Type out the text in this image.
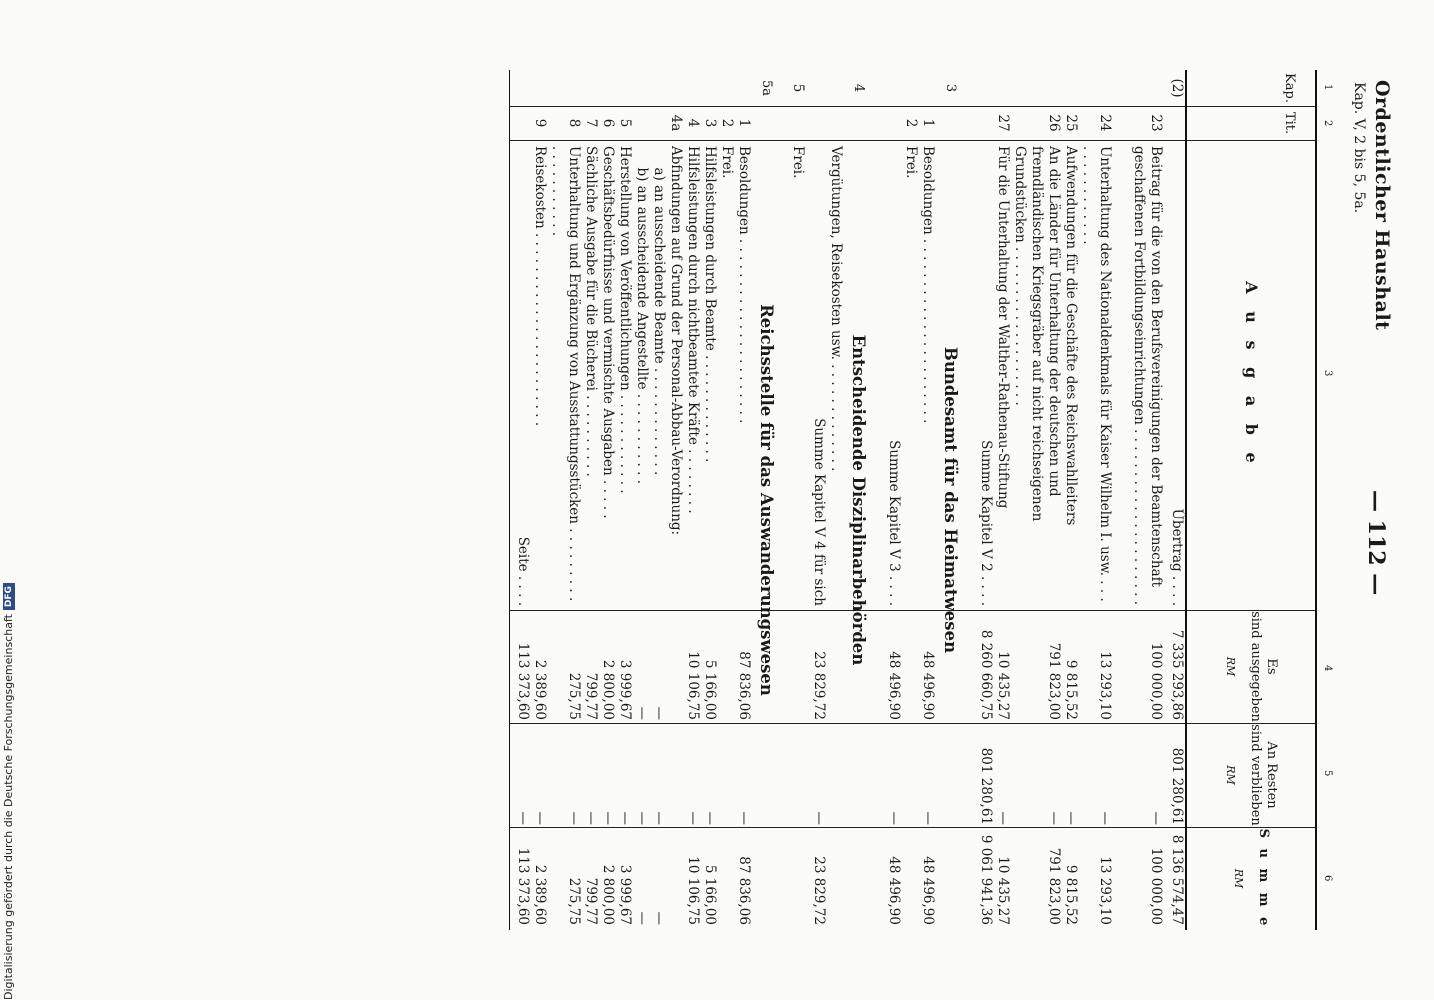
Ordentlicher Haushalt
Kap. V, 2 bis 5, 5a.
— 112 —
1
2
3
4
5
6
Kap.
Tit.
A u s g a b e
Es
sind ausgegeben
RM
An Resten
sind verblieben
RM
S u m m e
RM
(2)
Übertrag . . . .
7 335 293,86
801 280,61
8 136 574,47
23
Beitrag für die von den Berufsvereinigungen der Beamtenschaft geschaffenen Fortbildungseinrichtungen . . . . . . . . . . . . . . . . . . . . .
100 000,00
—
100 000,00
24
Unterhaltung des Nationaldenkmals für Kaiser Wilhelm I. usw. . . . . . . . . . . . . . . .
13 293,10
—
13 293,10
25
Aufwendungen für die Geschäfte des Reichswahlleiters
9 815,52
—
9 815,52
26
An die Länder für Unterhaltung der deutschen und fremdländischen Kriegsgräber auf nicht reichseigenen Grundstücken . . . . . . . . . . . . . . . . . . .
791 823,00
—
791 823,00
27
Für die Unterhaltung der Walther-Rathenau-Stiftung
10 435,27
—
10 435,27
Summe Kapitel V 2 . . . .
8 260 660,75
801 280,61
9 061 941,36
3
Bundesamt für das Heimatwesen
1
Besoldungen . . . . . . . . . . . . . . . . . . . . . .
48 496,90
—
48 496,90
2
Frei.
Summe Kapitel V 3 . . . .
48 496,90
—
48 496,90
4
Entscheidende Disziplinarbehörden
Vergütungen, Reisekosten usw. . . . . . . . . . . . . .
Summe Kapitel V 4 für sich
23 829,72
—
23 829,72
5
Frei.
5a
Reichsstelle für das Auswanderungswesen
1
Besoldungen . . . . . . . . . . . . . . . . . . . . . .
87 836,06
—
87 836,06
2
Frei.
3
Hilfsleistungen durch Beamte . . . . . . . . . . . . .
5 166,00
—
5 166,00
4
Hilfsleistungen durch nichtbeamtete Kräfte . . . . . . . .
10 106,75
—
10 106,75
4a
Abfindungen auf Grund der Personal-Abbau-Verordnung:
a) an ausscheidende Beamte . . . . . . . . . . . . .
—
—
—
b) an ausscheidende Angestellte . . . . . . . . . . .
—
—
—
5
Herstellung von Veröffentlichungen . . . . . . . . . . . .
3 999,67
—
3 999,67
6
Geschäftsbedürfnisse und vermischte Ausgaben . . . . .
2 800,00
—
2 800,00
7
Sächliche Ausgabe für die Bücherei . . . . . . . . . .
799,77
—
799,77
8
Unterhaltung und Ergänzung von Ausstattungsstücken . . . . . . . . . . . . . . . . . . . .
275,75
—
275,75
9
Reisekosten . . . . . . . . . . . . . . . . . . . . . . .
2 389,60
—
2 389,60
Seite . . . .
113 373,60
—
113 373,60
Digitalisierung gefördert durch die Deutsche Forschungsgemeinschaft
DFG
